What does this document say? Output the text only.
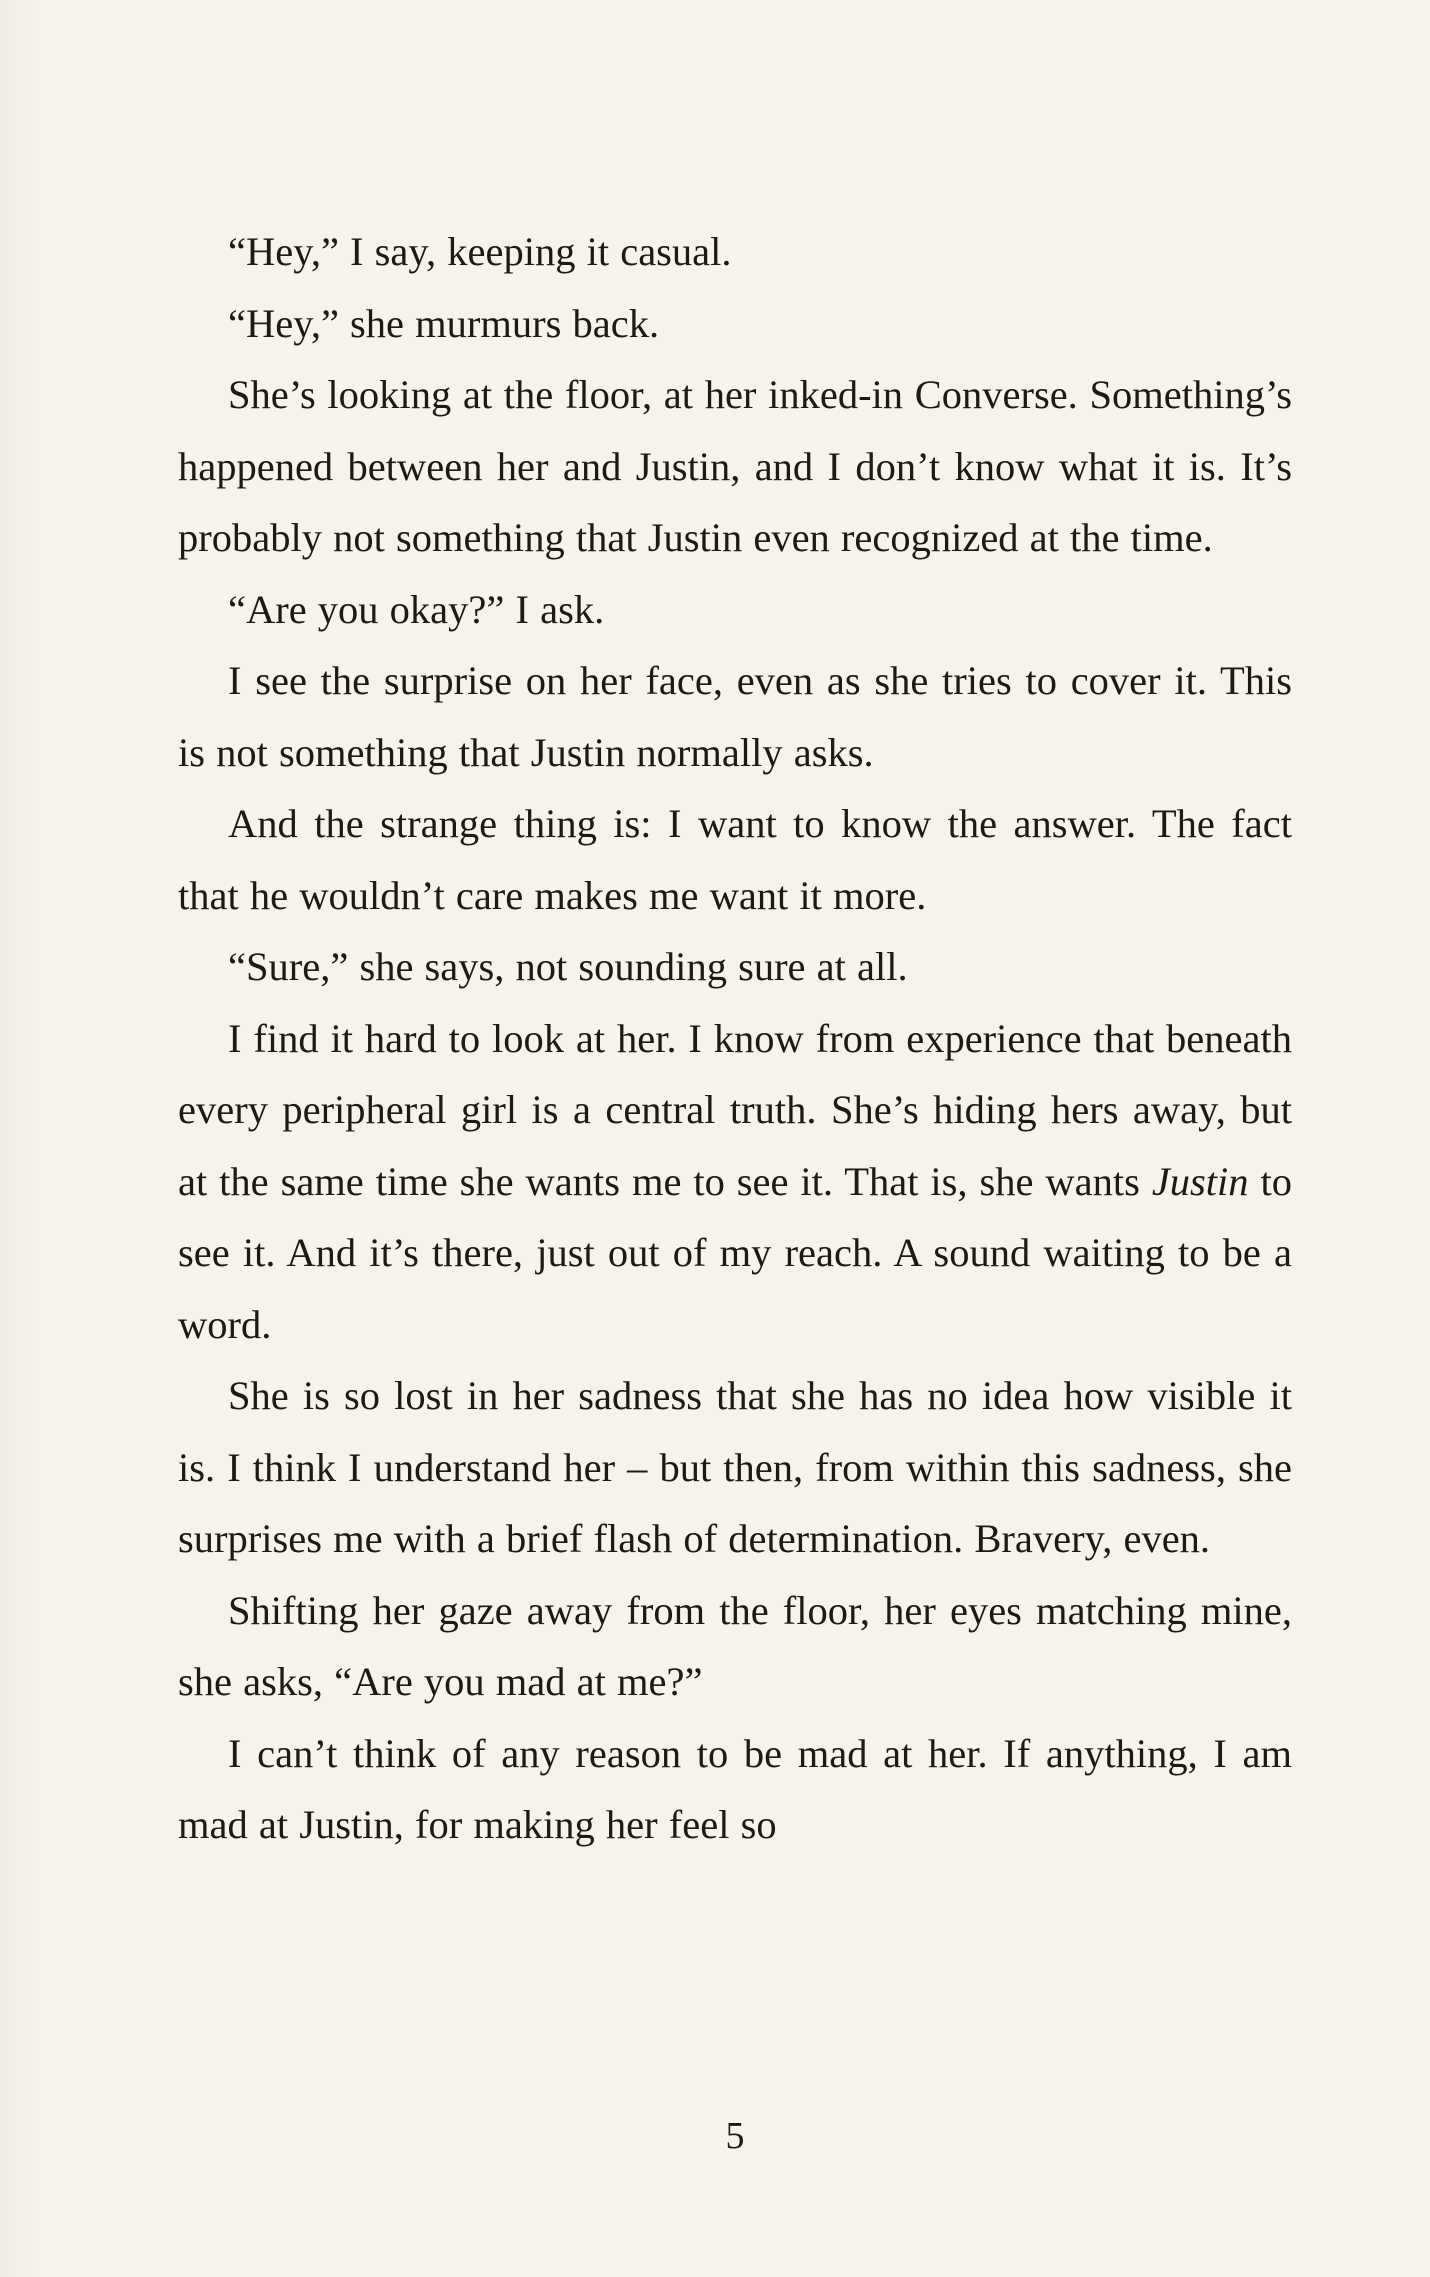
“Hey,” I say, keeping it casual.

“Hey,” she murmurs back.

She’s looking at the floor, at her inked-in Converse. Something’s happened between her and Justin, and I don’t know what it is. It’s probably not something that Justin even recognized at the time.

“Are you okay?” I ask.

I see the surprise on her face, even as she tries to cover it. This is not something that Justin normally asks.

And the strange thing is: I want to know the answer. The fact that he wouldn’t care makes me want it more.

“Sure,” she says, not sounding sure at all.

I find it hard to look at her. I know from experience that beneath every peripheral girl is a central truth. She’s hiding hers away, but at the same time she wants me to see it. That is, she wants Justin to see it. And it’s there, just out of my reach. A sound waiting to be a word.

She is so lost in her sadness that she has no idea how visible it is. I think I understand her – but then, from within this sadness, she surprises me with a brief flash of determination. Bravery, even.

Shifting her gaze away from the floor, her eyes matching mine, she asks, “Are you mad at me?”

I can’t think of any reason to be mad at her. If anything, I am mad at Justin, for making her feel so

5
